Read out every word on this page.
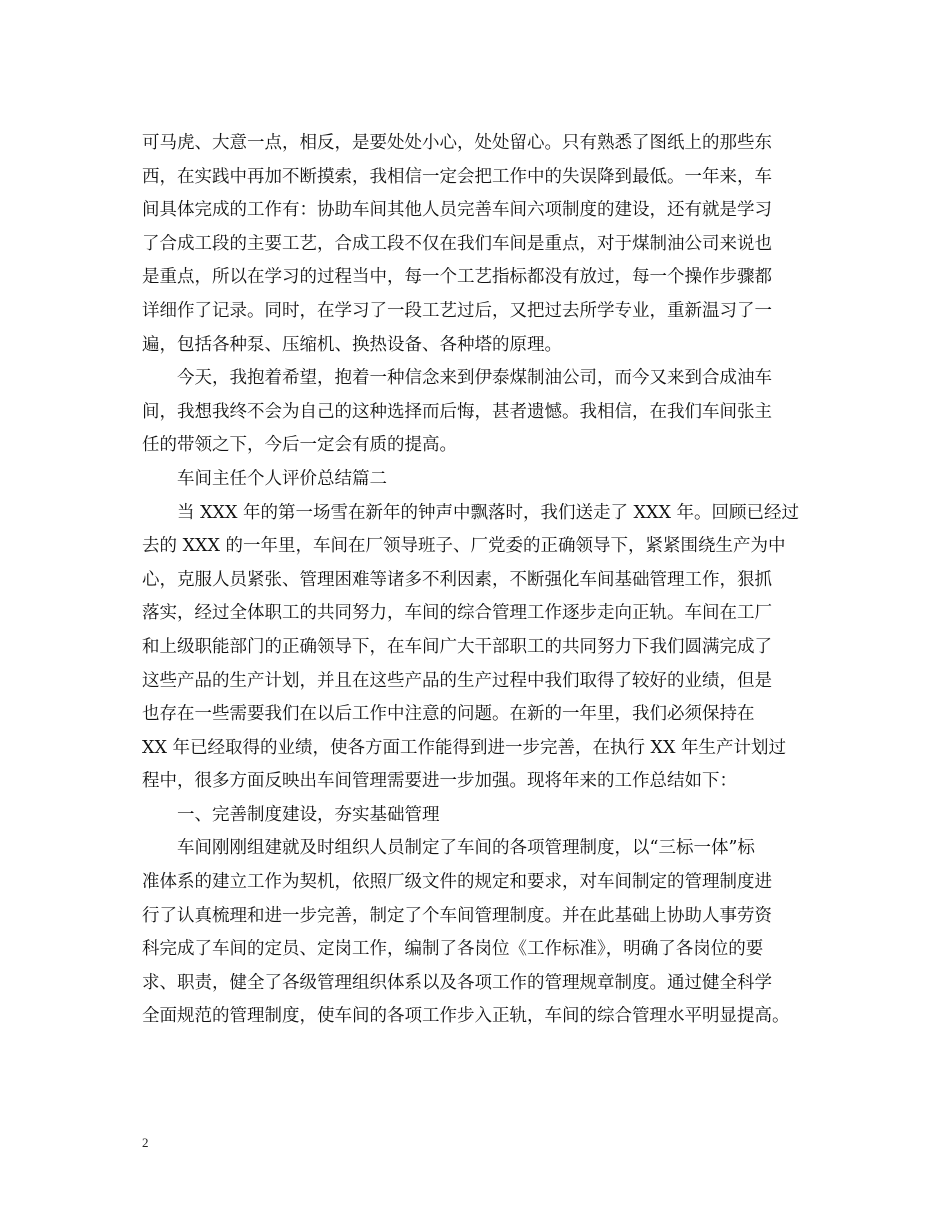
可马虎、大意一点，相反，是要处处小心，处处留心。只有熟悉了图纸上的那些东
西，在实践中再加不断摸索，我相信一定会把工作中的失误降到最低。一年来，车
间具体完成的工作有：协助车间其他人员完善车间六项制度的建设，还有就是学习
了合成工段的主要工艺，合成工段不仅在我们车间是重点，对于煤制油公司来说也
是重点，所以在学习的过程当中，每一个工艺指标都没有放过，每一个操作步骤都
详细作了记录。同时，在学习了一段工艺过后，又把过去所学专业，重新温习了一
遍，包括各种泵、压缩机、换热设备、各种塔的原理。
今天，我抱着希望，抱着一种信念来到伊泰煤制油公司，而今又来到合成油车
间，我想我终不会为自己的这种选择而后悔，甚者遗憾。我相信，在我们车间张主
任的带领之下，今后一定会有质的提高。
车间主任个人评价总结篇二
当 XXX 年的第一场雪在新年的钟声中飘落时，我们送走了 XXX 年。回顾已经过
去的 XXX 的一年里，车间在厂领导班子、厂党委的正确领导下，紧紧围绕生产为中
心，克服人员紧张、管理困难等诸多不利因素，不断强化车间基础管理工作，狠抓
落实，经过全体职工的共同努力，车间的综合管理工作逐步走向正轨。车间在工厂
和上级职能部门的正确领导下，在车间广大干部职工的共同努力下我们圆满完成了
这些产品的生产计划，并且在这些产品的生产过程中我们取得了较好的业绩，但是
也存在一些需要我们在以后工作中注意的问题。在新的一年里，我们必须保持在
XX 年已经取得的业绩，使各方面工作能得到进一步完善，在执行 XX 年生产计划过
程中，很多方面反映出车间管理需要进一步加强。现将年来的工作总结如下：
一、完善制度建设，夯实基础管理
车间刚刚组建就及时组织人员制定了车间的各项管理制度，以“三标一体”标
准体系的建立工作为契机，依照厂级文件的规定和要求，对车间制定的管理制度进
行了认真梳理和进一步完善，制定了个车间管理制度。并在此基础上协助人事劳资
科完成了车间的定员、定岗工作，编制了各岗位《工作标准》，明确了各岗位的要
求、职责，健全了各级管理组织体系以及各项工作的管理规章制度。通过健全科学
全面规范的管理制度，使车间的各项工作步入正轨，车间的综合管理水平明显提高。
2
